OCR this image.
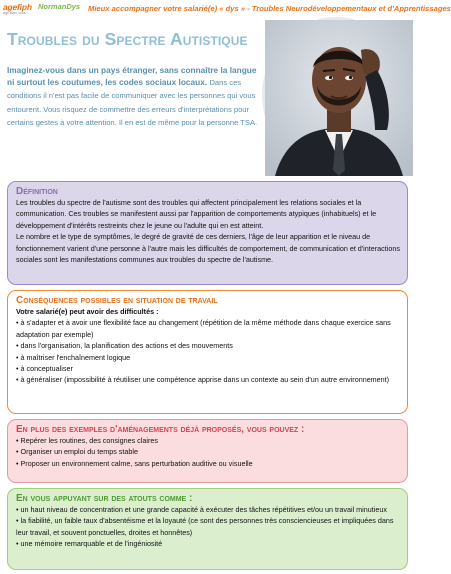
agefiph
agir avec vous
NormanDys Mieux accompagner votre salarié(e) « dys » - Troubles Neurodéveloppementaux et d'Apprentissages
Troubles du Spectre Autistique
Imaginez-vous dans un pays étranger, sans connaître la langue ni surtout les coutumes, les codes sociaux locaux. Dans ces conditions il n'est pas facile de communiquer avec les personnes qui vous entourent. Vous risquez de commettre des erreurs d'interprétations pour certains gestes à votre attention. Il en est de même pour la personne TSA.
Définition

Les troubles du spectre de l'autisme sont des troubles qui affectent principalement les relations sociales et la communication. Ces troubles se manifestent aussi par l'apparition de comportements atypiques (inhabituels) et le développement d'intérêts restreints chez le jeune ou l'adulte qui en est atteint.

Le nombre et le type de symptômes, le degré de gravité de ces derniers, l'âge de leur apparition et le niveau de fonctionnement varient d'une personne à l'autre mais les difficultés de comportement, de communication et d'interactions sociales sont les manifestations communes aux troubles du spectre de l'autisme.

Conséquences possibles en situation de travail
Votre salarié(e) peut avoir des difficultés :
• à s'adapter et à avoir une flexibilité face au changement (répétition de la même méthode dans chaque exercice sans adaptation par exemple)
• dans l'organisation, la planification des actions et des mouvements
• à maîtriser l'enchaînement logique
• à conceptualiser
• à généraliser (impossibilité à réutiliser une compétence apprise dans un contexte au sein d'un autre environnement)
En plus des exemples d'aménagements déjà proposés, vous pouvez :
• Repérer les routines, des consignes claires
• Organiser un emploi du temps stable
• Proposer un environnement calme, sans perturbation auditive ou visuelle
En vous appuyant sur des atouts comme :
• un haut niveau de concentration et une grande capacité à exécuter des tâches répétitives et/ou un travail minutieux
• la fiabilité, un faible taux d'absentéisme et la loyauté (ce sont des personnes très consciencieuses et impliquées dans leur travail, et souvent ponctuelles, droites et honnêtes)
• une mémoire remarquable et de l'ingéniosité
